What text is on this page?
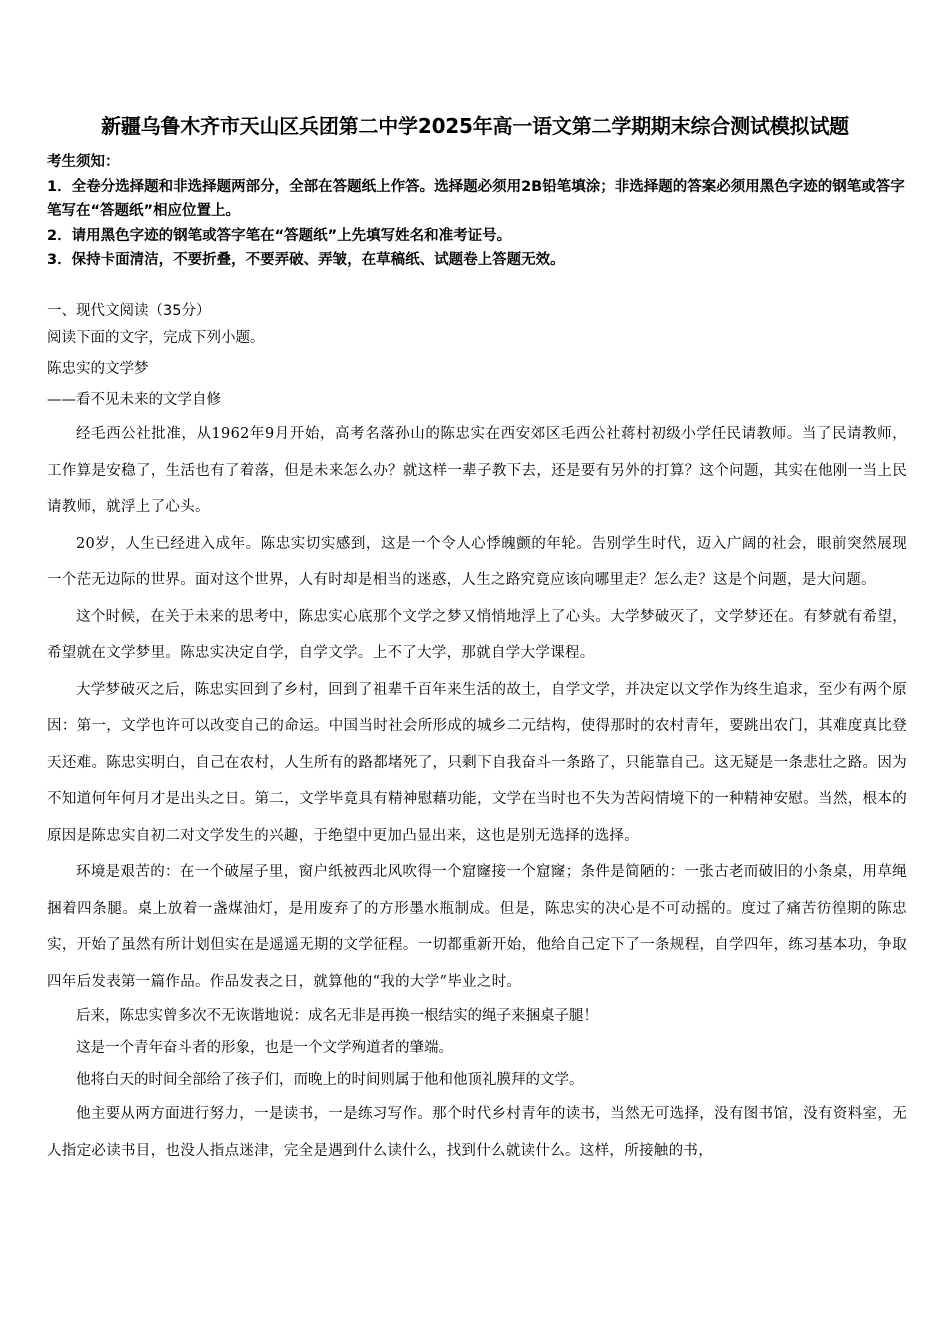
新疆乌鲁木齐市天山区兵团第二中学2025年高一语文第二学期期末综合测试模拟试题

考生须知：

1．全卷分选择题和非选择题两部分，全部在答题纸上作答。选择题必须用2B铅笔填涂；非选择题的答案必须用黑色字迹的钢笔或答字笔写在“答题纸”相应位置上。

2．请用黑色字迹的钢笔或答字笔在“答题纸”上先填写姓名和准考证号。

3．保持卡面清洁，不要折叠，不要弄破、弄皱，在草稿纸、试题卷上答题无效。

一、现代文阅读（35分）

阅读下面的文字，完成下列小题。

陈忠实的文学梦

——看不见未来的文学自修

经毛西公社批准，从1962年9月开始，高考名落孙山的陈忠实在西安郊区毛西公社蒋村初级小学任民请教师。当了民请教师，工作算是安稳了，生活也有了着落，但是未来怎么办？就这样一辈子教下去，还是要有另外的打算？这个问题，其实在他刚一当上民请教师，就浮上了心头。

20岁，人生已经进入成年。陈忠实切实感到，这是一个令人心悸魄颤的年轮。告别学生时代，迈入广阔的社会，眼前突然展现一个茫无边际的世界。面对这个世界，人有时却是相当的迷惑，人生之路究竟应该向哪里走？怎么走？这是个问题，是大问题。

这个时候，在关于未来的思考中，陈忠实心底那个文学之梦又悄悄地浮上了心头。大学梦破灭了，文学梦还在。有梦就有希望，希望就在文学梦里。陈忠实决定自学，自学文学。上不了大学，那就自学大学课程。

大学梦破灭之后，陈忠实回到了乡村，回到了祖辈千百年来生活的故土，自学文学，并决定以文学作为终生追求，至少有两个原因：第一，文学也许可以改变自己的命运。中国当时社会所形成的城乡二元结构，使得那时的农村青年，要跳出农门，其难度真比登天还难。陈忠实明白，自己在农村，人生所有的路都堵死了，只剩下自我奋斗一条路了，只能靠自己。这无疑是一条悲壮之路。因为不知道何年何月才是出头之日。第二，文学毕竟具有精神慰藉功能，文学在当时也不失为苦闷情境下的一种精神安慰。当然，根本的原因是陈忠实自初二对文学发生的兴趣，于绝望中更加凸显出来，这也是别无选择的选择。

环境是艰苦的：在一个破屋子里，窗户纸被西北风吹得一个窟窿接一个窟窿；条件是简陋的：一张古老而破旧的小条桌，用草绳捆着四条腿。桌上放着一盏煤油灯，是用废弃了的方形墨水瓶制成。但是，陈忠实的决心是不可动摇的。度过了痛苦彷徨期的陈忠实，开始了虽然有所计划但实在是遥遥无期的文学征程。一切都重新开始，他给自己定下了一条规程，自学四年，练习基本功，争取四年后发表第一篇作品。作品发表之日，就算他的“我的大学”毕业之时。

后来，陈忠实曾多次不无诙谐地说：成名无非是再换一根结实的绳子来捆桌子腿！

这是一个青年奋斗者的形象，也是一个文学殉道者的肇端。

他将白天的时间全部给了孩子们，而晚上的时间则属于他和他顶礼膜拜的文学。

他主要从两方面进行努力，一是读书，一是练习写作。那个时代乡村青年的读书，当然无可选择，没有图书馆，没有资料室，无人指定必读书目，也没人指点迷津，完全是遇到什么读什么，找到什么就读什么。这样，所接触的书，
